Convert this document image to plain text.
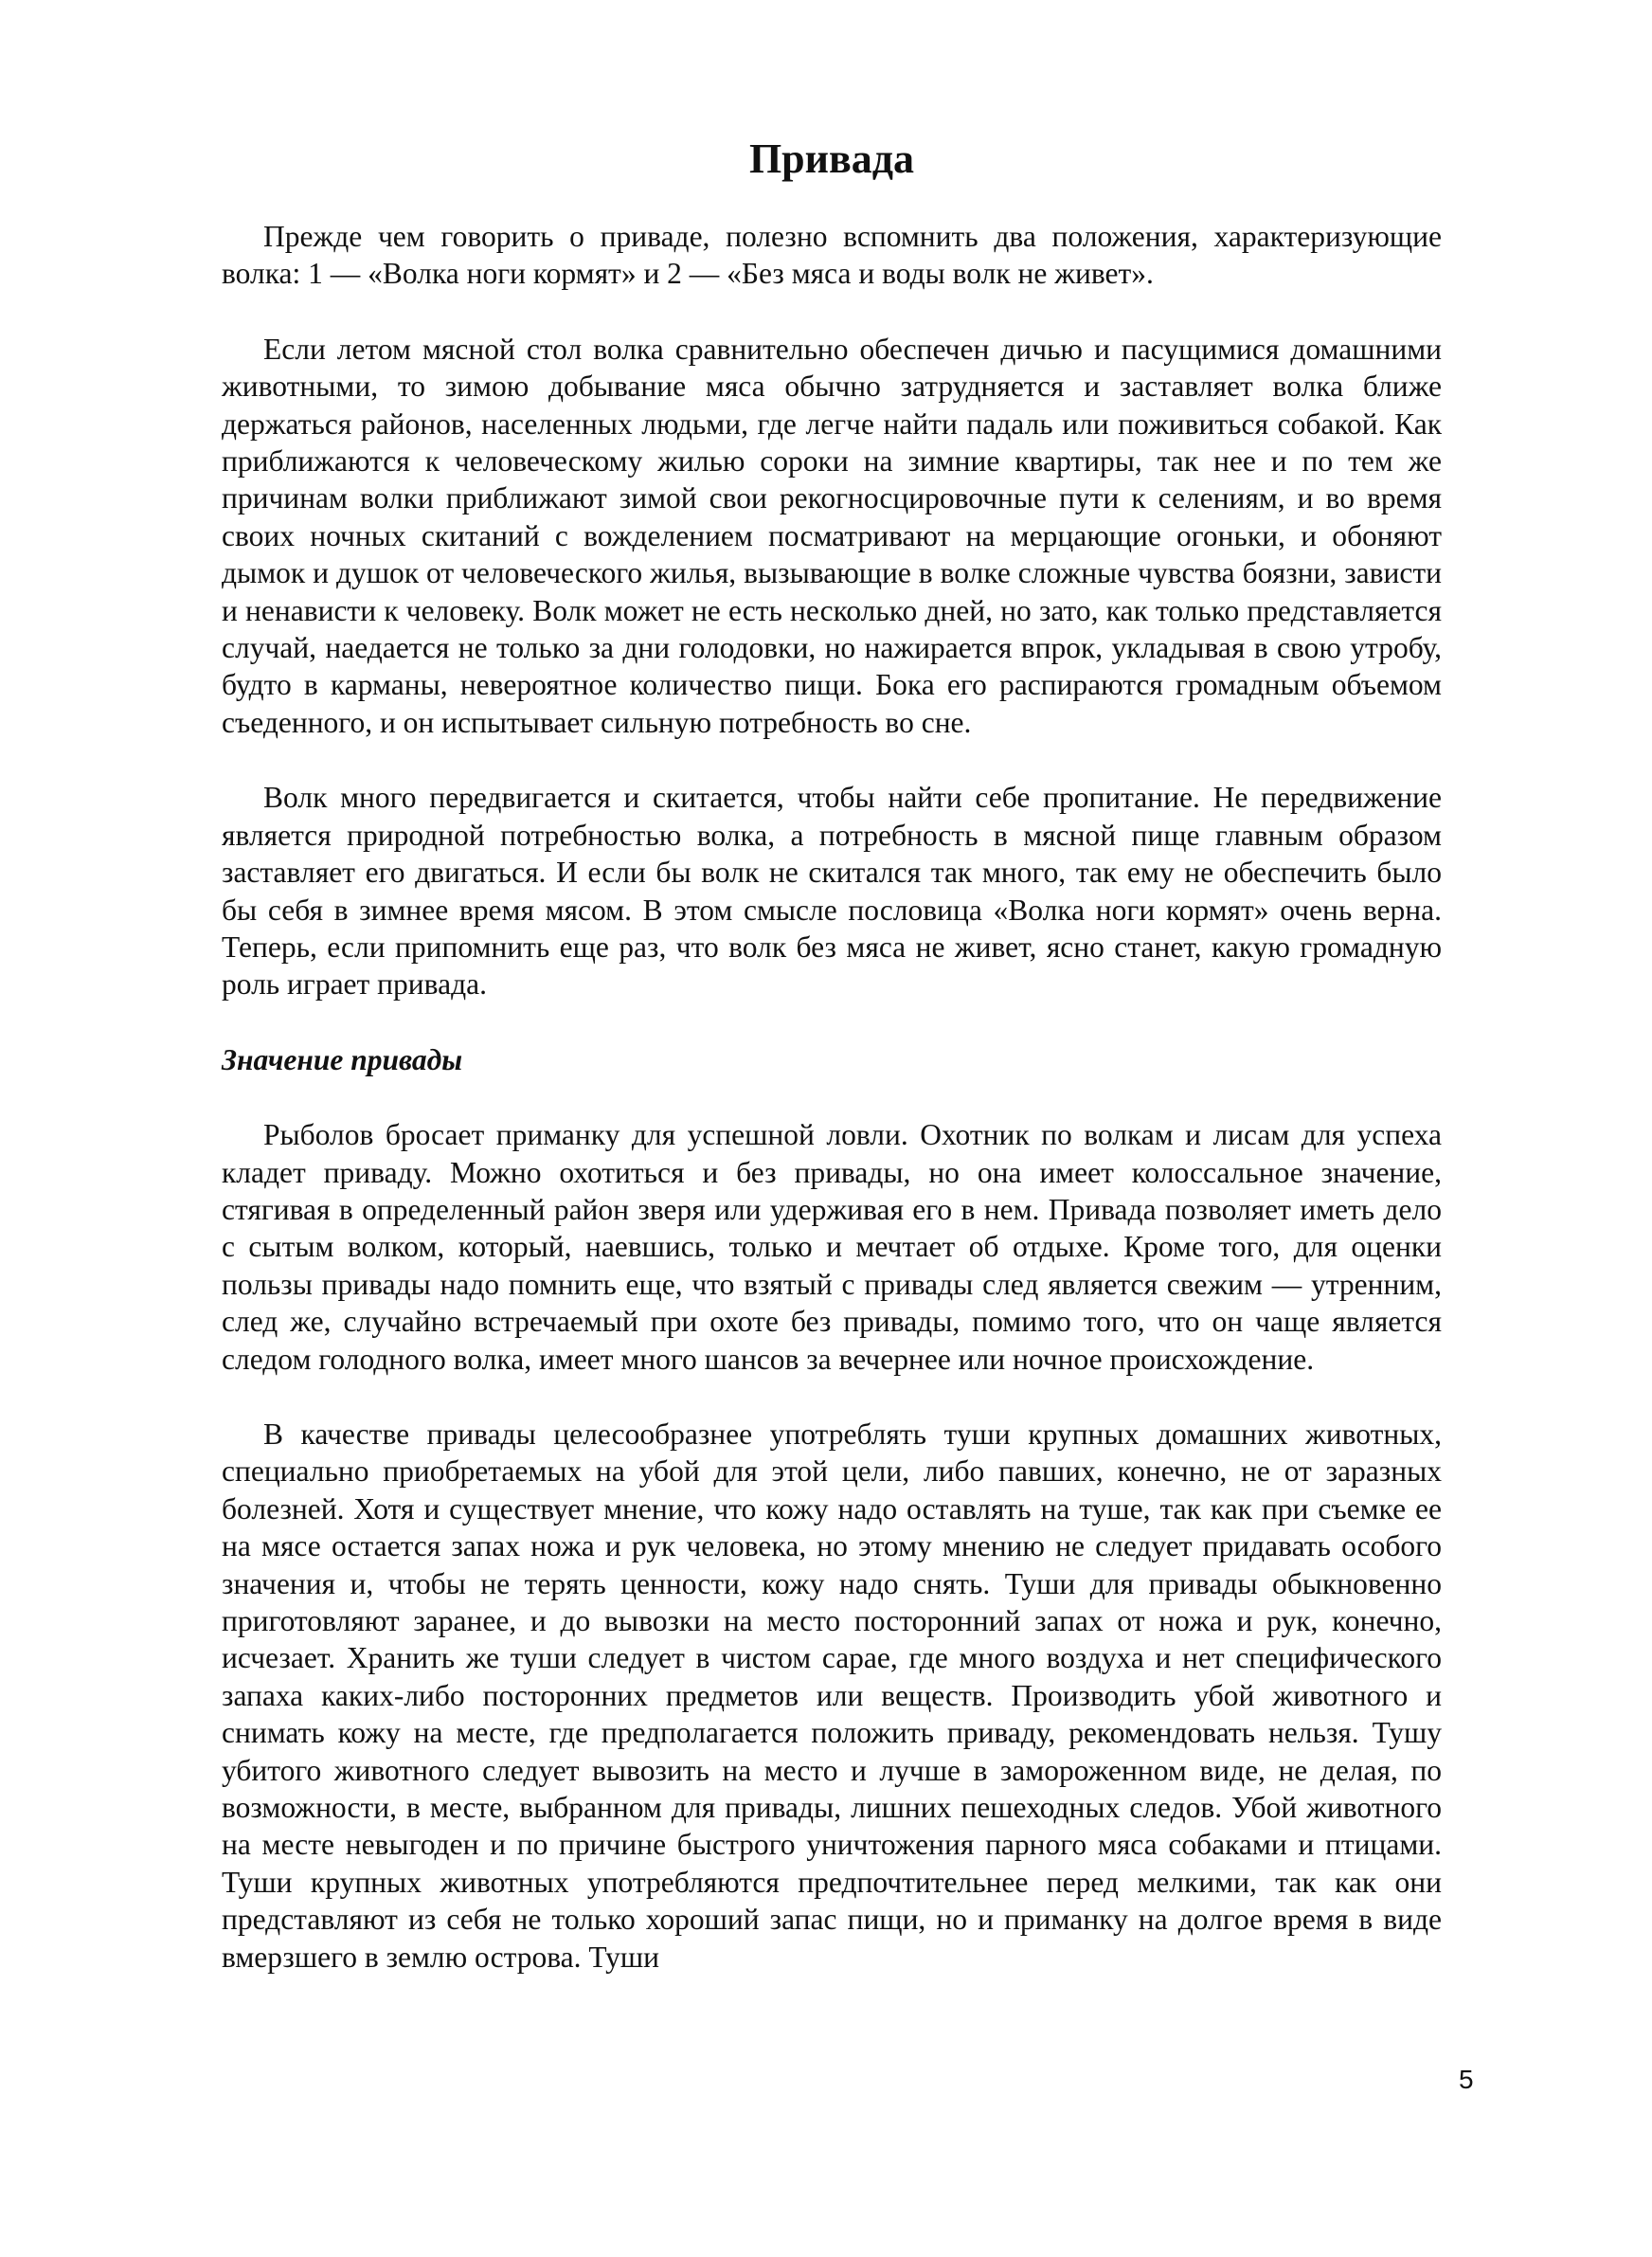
Привада

Прежде чем говорить о приваде, полезно вспомнить два положения, характеризующие волка: 1 — «Волка ноги кормят» и 2 — «Без мяса и воды волк не живет».

Если летом мясной стол волка сравнительно обеспечен дичью и пасущимися домашними животными, то зимою добывание мяса обычно затрудняется и заставляет волка ближе держаться районов, населенных людьми, где легче найти падаль или поживиться собакой. Как приближаются к человеческому жилью сороки на зимние квартиры, так нее и по тем же причинам волки приближают зимой свои рекогносцировочные пути к селениям, и во время своих ночных скитаний с вожделением посматривают на мерцающие огоньки, и обоняют дымок и душок от человеческого жилья, вызывающие в волке сложные чувства боязни, зависти и ненависти к человеку. Волк может не есть несколько дней, но зато, как только представляется случай, наедается не только за дни голодовки, но нажирается впрок, укладывая в свою утробу, будто в карманы, невероятное количество пищи. Бока его распираются громадным объемом съеденного, и он испытывает сильную потребность во сне.

Волк много передвигается и скитается, чтобы найти себе пропитание. Не передвижение является природной потребностью волка, а потребность в мясной пище главным образом заставляет его двигаться. И если бы волк не скитался так много, так ему не обеспечить было бы себя в зимнее время мясом. В этом смысле пословица «Волка ноги кормят» очень верна. Теперь, если припомнить еще раз, что волк без мяса не живет, ясно станет, какую громадную роль играет привада.

Значение привады

Рыболов бросает приманку для успешной ловли. Охотник по волкам и лисам для успеха кладет приваду. Можно охотиться и без привады, но она имеет колоссальное значение, стягивая в определенный район зверя или удерживая его в нем. Привада позволяет иметь дело с сытым волком, который, наевшись, только и мечтает об отдыхе. Кроме того, для оценки пользы привады надо помнить еще, что взятый с привады след является свежим — утренним, след же, случайно встречаемый при охоте без привады, помимо того, что он чаще является следом голодного волка, имеет много шансов за вечернее или ночное происхождение.

В качестве привады целесообразнее употреблять туши крупных домашних животных, специально приобретаемых на убой для этой цели, либо павших, конечно, не от заразных болезней. Хотя и существует мнение, что кожу надо оставлять на туше, так как при съемке ее на мясе остается запах ножа и рук человека, но этому мнению не следует придавать особого значения и, чтобы не терять ценности, кожу надо снять. Туши для привады обыкновенно приготовляют заранее, и до вывозки на место посторонний запах от ножа и рук, конечно, исчезает. Хранить же туши следует в чистом сарае, где много воздуха и нет специфического запаха каких-либо посторонних предметов или веществ. Производить убой животного и снимать кожу на месте, где предполагается положить приваду, рекомендовать нельзя. Тушу убитого животного следует вывозить на место и лучше в замороженном виде, не делая, по возможности, в месте, выбранном для привады, лишних пешеходных следов. Убой животного на месте невыгоден и по причине быстрого уничтожения парного мяса собаками и птицами. Туши крупных животных употребляются предпочтительнее перед мелкими, так как они представляют из себя не только хороший запас пищи, но и приманку на долгое время в виде вмерзшего в землю острова. Туши

5
